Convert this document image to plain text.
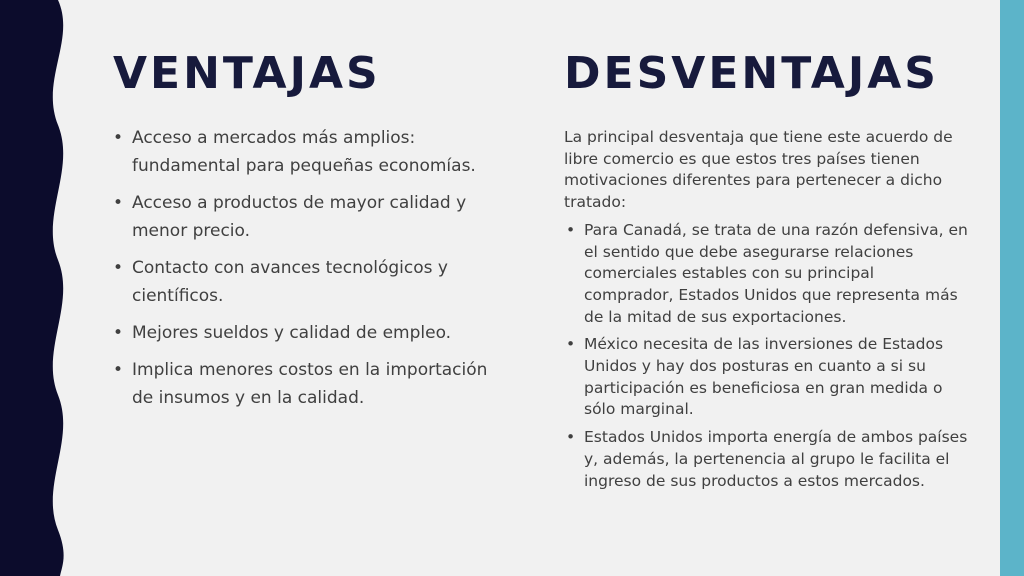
VENTAJAS	DESVENTAJAS
• Acceso a mercados más amplios: fundamental para pequeñas economías.
• Acceso a productos de mayor calidad y menor precio.
• Contacto con avances tecnológicos y científicos.
• Mejores sueldos y calidad de empleo.
• Implica menores costos en la importación de insumos y en la calidad.

La principal desventaja que tiene este acuerdo de libre comercio es que estos tres países tienen motivaciones diferentes para pertenecer a dicho tratado:

• Para Canadá, se trata de una razón defensiva, en el sentido que debe asegurarse relaciones comerciales estables con su principal comprador, Estados Unidos que representa más de la mitad de sus exportaciones.
• México necesita de las inversiones de Estados Unidos y hay dos posturas en cuanto a si su participación es beneficiosa en gran medida o sólo marginal.
• Estados Unidos importa energía de ambos países y, además, la pertenencia al grupo le facilita el ingreso de sus productos a estos mercados.
